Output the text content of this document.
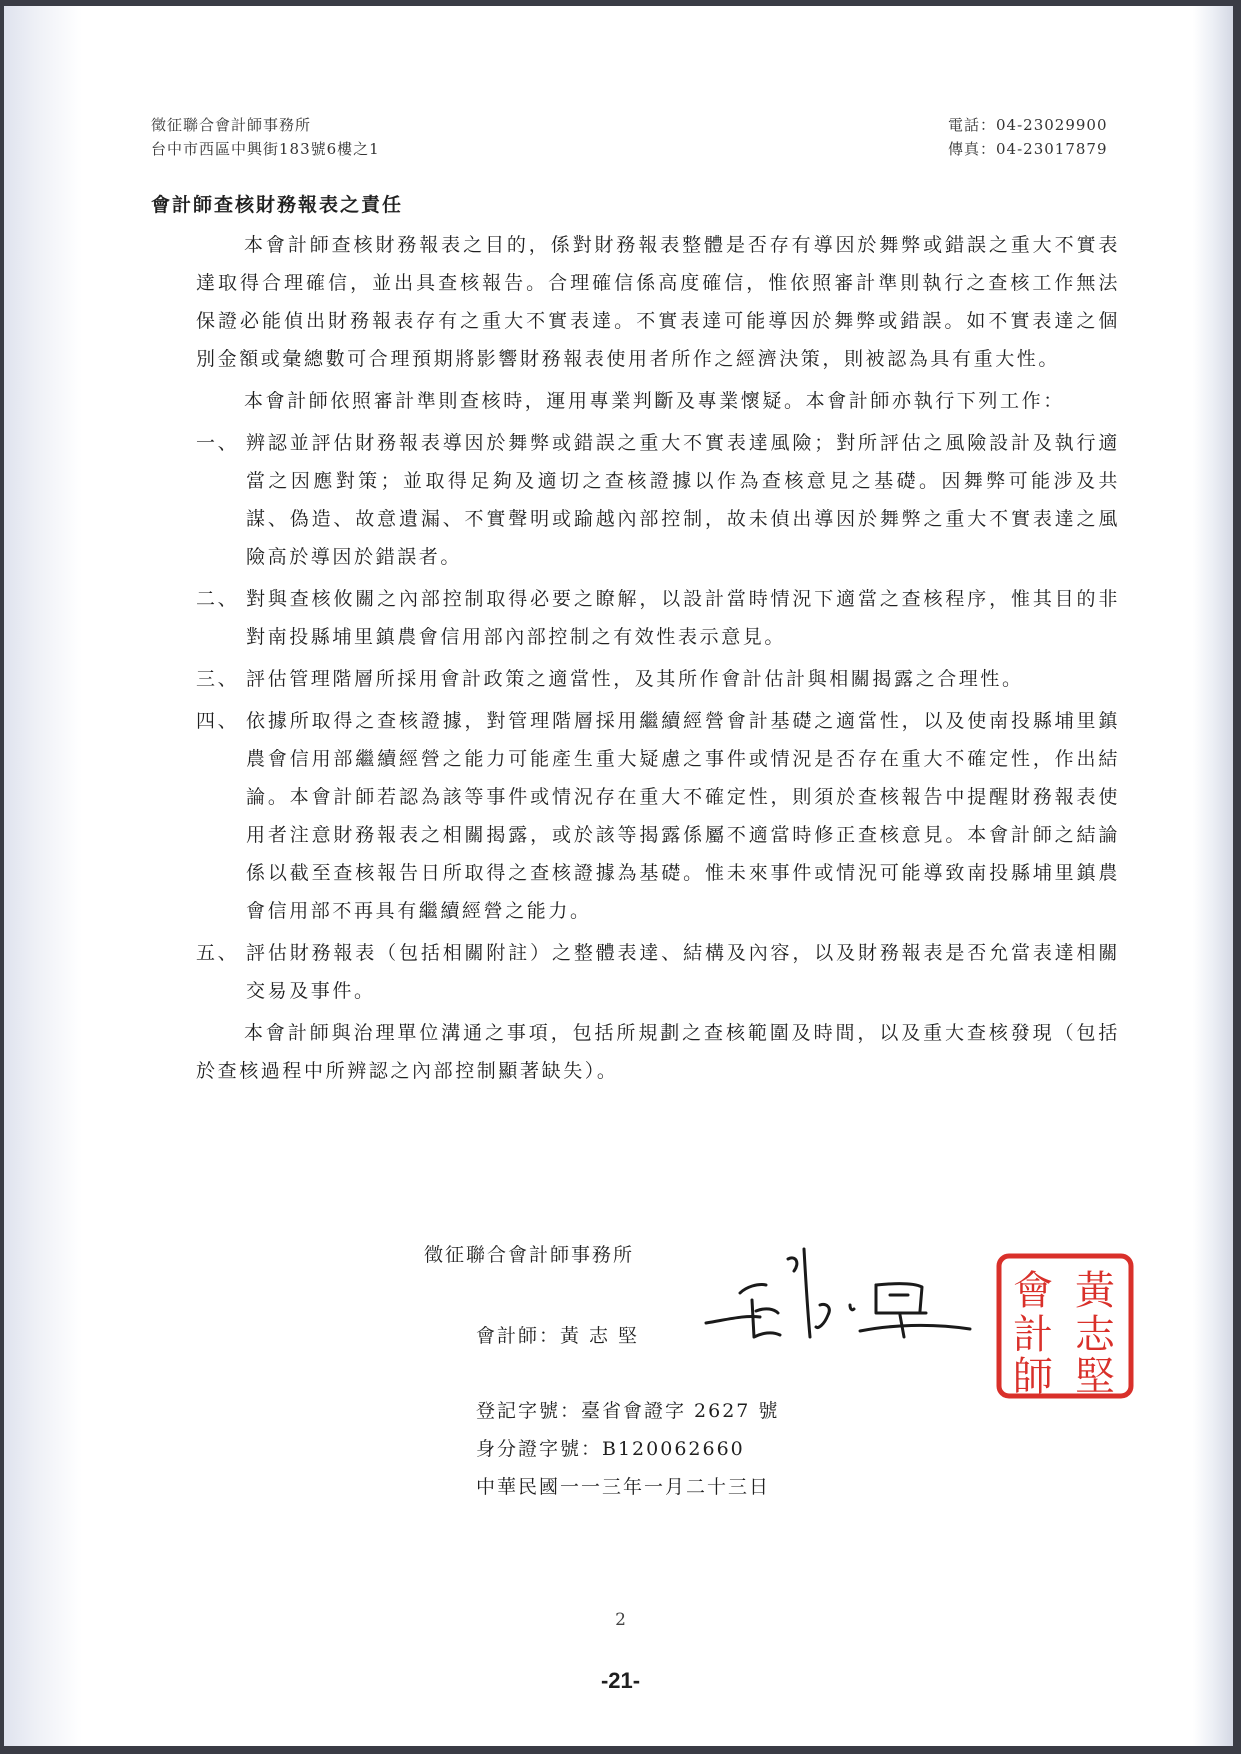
徵征聯合會計師事務所
台中市西區中興街183號6樓之1
電話：04-23029900
傳真：04-23017879
會計師查核財務報表之責任

本會計師查核財務報表之目的，係對財務報表整體是否存有導因於舞弊或錯誤之重大不實表達取得合理確信，並出具查核報告。合理確信係高度確信，惟依照審計準則執行之查核工作無法保證必能偵出財務報表存有之重大不實表達。不實表達可能導因於舞弊或錯誤。如不實表達之個別金額或彙總數可合理預期將影響財務報表使用者所作之經濟決策，則被認為具有重大性。

本會計師依照審計準則查核時，運用專業判斷及專業懷疑。本會計師亦執行下列工作：

一、 辨認並評估財務報表導因於舞弊或錯誤之重大不實表達風險；對所評估之風險設計及執行適當之因應對策；並取得足夠及適切之查核證據以作為查核意見之基礎。因舞弊可能涉及共謀、偽造、故意遺漏、不實聲明或踰越內部控制，故未偵出導因於舞弊之重大不實表達之風險高於導因於錯誤者。
二、 對與查核攸關之內部控制取得必要之瞭解，以設計當時情況下適當之查核程序，惟其目的非對南投縣埔里鎮農會信用部內部控制之有效性表示意見。
三、 評估管理階層所採用會計政策之適當性，及其所作會計估計與相關揭露之合理性。
四、 依據所取得之查核證據，對管理階層採用繼續經營會計基礎之適當性，以及使南投縣埔里鎮農會信用部繼續經營之能力可能產生重大疑慮之事件或情況是否存在重大不確定性，作出結論。本會計師若認為該等事件或情況存在重大不確定性，則須於查核報告中提醒財務報表使用者注意財務報表之相關揭露，或於該等揭露係屬不適當時修正查核意見。本會計師之結論係以截至查核報告日所取得之查核證據為基礎。惟未來事件或情況可能導致南投縣埔里鎮農會信用部不再具有繼續經營之能力。
五、 評估財務報表（包括相關附註）之整體表達、結構及內容，以及財務報表是否允當表達相關交易及事件。

本會計師與治理單位溝通之事項，包括所規劃之查核範圍及時間，以及重大查核發現（包括於查核過程中所辨認之內部控制顯著缺失）。

徵征聯合會計師事務所
會計師：黃志堅
黃
志
堅
會
計
師
登記字號：臺省會證字 2627 號
身分證字號：B120062660
中華民國一一三年一月二十三日
2
-21-
